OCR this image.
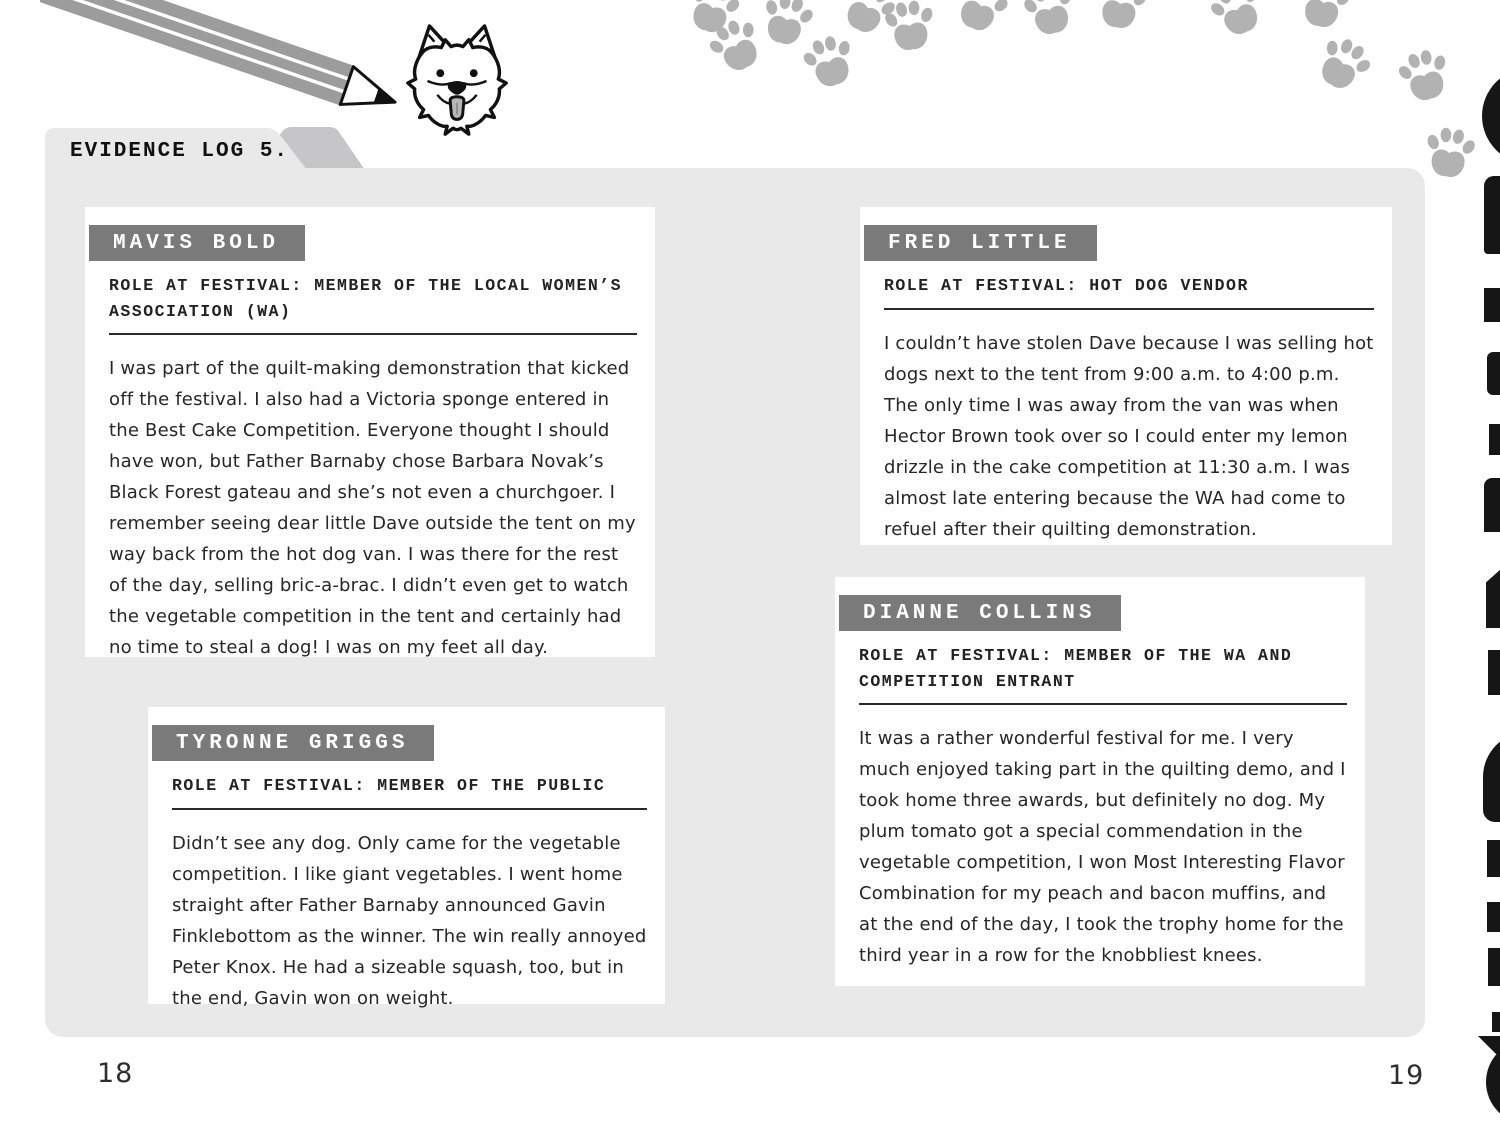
EVIDENCE LOG 5.
MAVIS BOLD
ROLE AT FESTIVAL: MEMBER OF THE LOCAL WOMEN’S ASSOCIATION (WA)
I was part of the quilt-making demonstration that kicked off the festival. I also had a Victoria sponge entered in the Best Cake Competition. Everyone thought I should have won, but Father Barnaby chose Barbara Novak’s Black Forest gateau and she’s not even a churchgoer. I remember seeing dear little Dave outside the tent on my way back from the hot dog van. I was there for the rest of the day, selling bric-a-brac. I didn’t even get to watch the vegetable competition in the tent and certainly had no time to steal a dog! I was on my feet all day.
FRED LITTLE
ROLE AT FESTIVAL: HOT DOG VENDOR
I couldn’t have stolen Dave because I was selling hot dogs next to the tent from 9:00 a.m. to 4:00 p.m. The only time I was away from the van was when Hector Brown took over so I could enter my lemon drizzle in the cake competition at 11:30 a.m. I was almost late entering because the WA had come to refuel after their quilting demonstration.
TYRONNE GRIGGS
ROLE AT FESTIVAL: MEMBER OF THE PUBLIC
Didn’t see any dog. Only came for the vegetable competition. I like giant vegetables. I went home straight after Father Barnaby announced Gavin Finklebottom as the winner. The win really annoyed Peter Knox. He had a sizeable squash, too, but in the end, Gavin won on weight.
DIANNE COLLINS
ROLE AT FESTIVAL: MEMBER OF THE WA AND COMPETITION ENTRANT
It was a rather wonderful festival for me. I very much enjoyed taking part in the quilting demo, and I took home three awards, but definitely no dog. My plum tomato got a special commendation in the vegetable competition, I won Most Interesting Flavor Combination for my peach and bacon muffins, and at the end of the day, I took the trophy home for the third year in a row for the knobbliest knees.
18	19
